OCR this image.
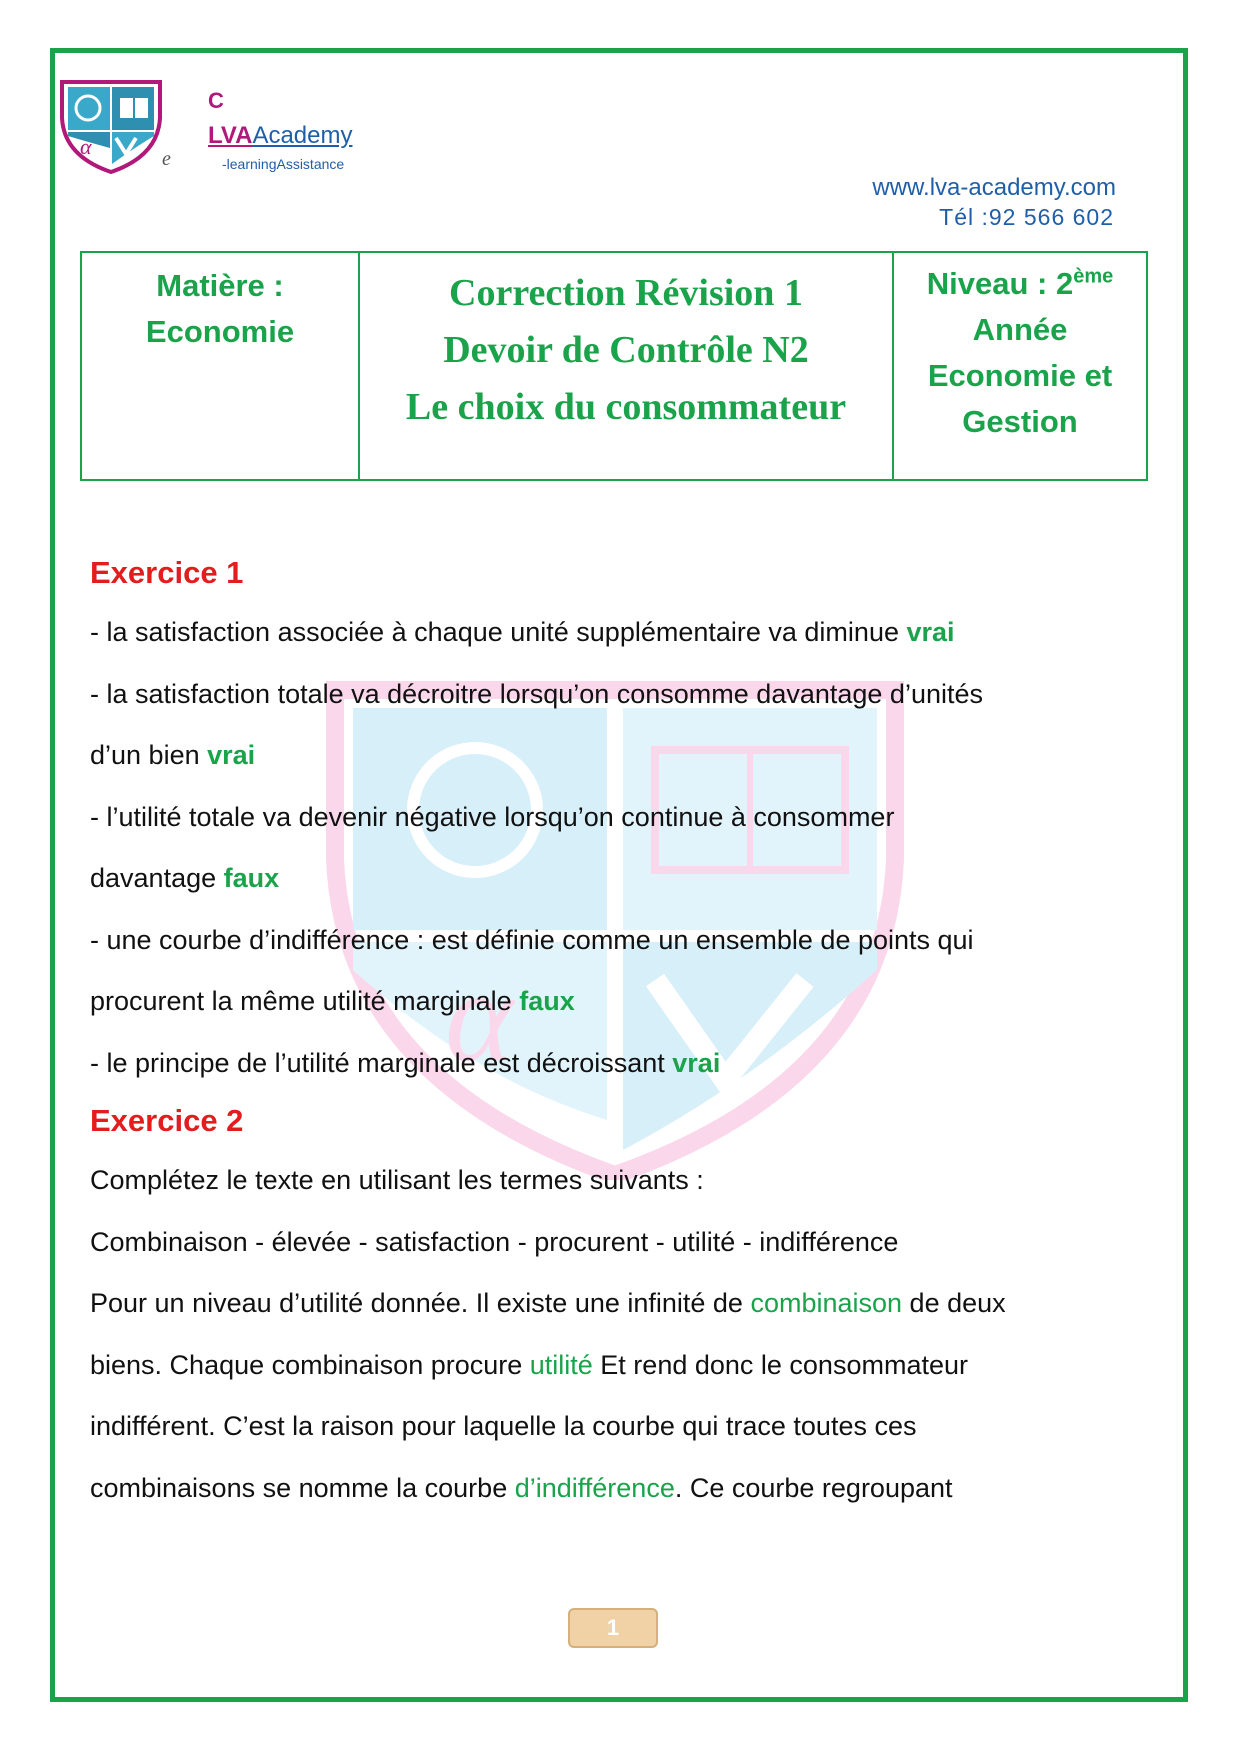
α
C
LVAAcademy
e	-learningAssistance
www.lva-academy.com
Tél :92 566 602
Matière :
Economie
Correction Révision 1
Devoir de Contrôle N2
Le choix du consommateur
Niveau : 2ème
Année
Economie et
Gestion
α
Exercice 1
- la satisfaction associée à chaque unité supplémentaire va diminue vrai
- la satisfaction totale va décroitre lorsqu’on consomme davantage d’unités
d’un bien vrai
- l’utilité totale va devenir négative lorsqu’on continue à consommer
davantage faux
- une courbe d’indifférence : est définie comme un ensemble de points qui
procurent la même utilité marginale faux
- le principe de l’utilité marginale est décroissant vrai
Exercice 2
Complétez le texte en utilisant les termes suivants :
Combinaison - élevée - satisfaction - procurent - utilité - indifférence
Pour un niveau d’utilité donnée. Il existe une infinité de combinaison de deux
biens. Chaque combinaison procure utilité Et rend donc le consommateur
indifférent. C’est la raison pour laquelle la courbe qui trace toutes ces
combinaisons se nomme la courbe d’indifférence. Ce courbe regroupant
1
